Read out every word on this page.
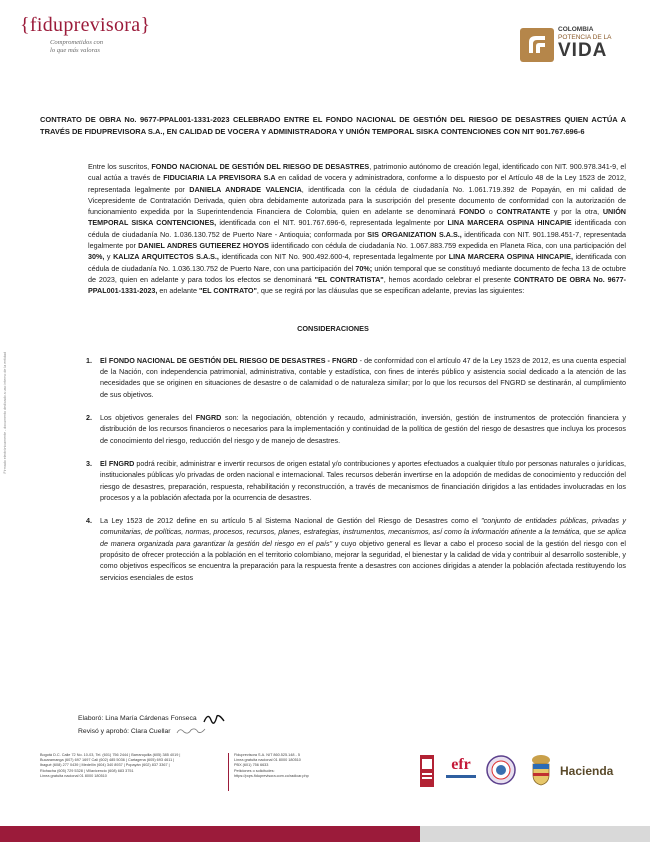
{fiduprevisora}
Comprometidos con
lo que más valoras
COLOMBIA
POTENCIA DE LA
VIDA
Firmado electrónicamente - documento dedicado a uso interno de la entidad
CONTRATO DE OBRA No. 9677-PPAL001-1331-2023 CELEBRADO ENTRE EL FONDO NACIONAL DE GESTIÓN DEL RIESGO DE DESASTRES QUIEN ACTÚA A TRAVÉS DE FIDUPREVISORA S.A., EN CALIDAD DE VOCERA Y ADMINISTRADORA Y UNIÓN TEMPORAL SISKA CONTENCIONES CON NIT 901.767.696-6
Entre los suscritos, FONDO NACIONAL DE GESTIÓN DEL RIESGO DE DESASTRES, patrimonio autónomo de creación legal, identificado con NIT. 900.978.341-9, el cual actúa a través de FIDUCIARIA LA PREVISORA S.A en calidad de vocera y administradora, conforme a lo dispuesto por el Artículo 48 de la Ley 1523 de 2012, representada legalmente por DANIELA ANDRADE VALENCIA, identificada con la cédula de ciudadanía No. 1.061.719.392 de Popayán, en mi calidad de Vicepresidente de Contratación Derivada, quien obra debidamente autorizada para la suscripción del presente documento de conformidad con la autorización de funcionamiento expedida por la Superintendencia Financiera de Colombia, quien en adelante se denominará FONDO o CONTRATANTE y por la otra, UNIÓN TEMPORAL SISKA CONTENCIONES, identificada con el NIT. 901.767.696-6, representada legalmente por LINA MARCERA OSPINA HINCAPIE identificada con cédula de ciudadanía No. 1.036.130.752 de Puerto Nare - Antioquia; conformada por SIS ORGANIZATION S.A.S., identificada con NIT. 901.198.451-7, representada legalmente por DANIEL ANDRES GUTIEEREZ HOYOS iidentificado con cédula de ciudadanía No. 1.067.883.759 expedida en Planeta Rica, con una participación del 30%, y KALIZA ARQUITECTOS S.A.S., identificada con NIT No. 900.492.600-4, representada legalmente por LINA MARCERA OSPINA HINCAPIE, identificada con cédula de ciudadanía No. 1.036.130.752 de Puerto Nare, con una participación del 70%; unión temporal que se constituyó mediante documento de fecha 13 de octubre de 2023, quien en adelante y para todos los efectos se denominará "EL CONTRATISTA", hemos acordado celebrar el presente CONTRATO DE OBRA No. 9677-PPAL001-1331-2023, en adelante "EL CONTRATO", que se regirá por las cláusulas que se especifican adelante, previas las siguientes:
CONSIDERACIONES
1. El FONDO NACIONAL DE GESTIÓN DEL RIESGO DE DESASTRES - FNGRD - de conformidad con el artículo 47 de la Ley 1523 de 2012, es una cuenta especial de la Nación, con independencia patrimonial, administrativa, contable y estadística, con fines de interés público y asistencia social dedicado a la atención de las necesidades que se originen en situaciones de desastre o de calamidad o de naturaleza similar; por lo que los recursos del FNGRD se destinarán, al cumplimiento de sus objetivos.
2. Los objetivos generales del FNGRD son: la negociación, obtención y recaudo, administración, inversión, gestión de instrumentos de protección financiera y distribución de los recursos financieros o necesarios para la implementación y continuidad de la política de gestión del riesgo de desastres que incluya los procesos de conocimiento del riesgo, reducción del riesgo y de manejo de desastres.
3. El FNGRD podrá recibir, administrar e invertir recursos de origen estatal y/o contribuciones y aportes efectuados a cualquier título por personas naturales o jurídicas, institucionales públicas y/o privadas de orden nacional e internacional. Tales recursos deberán invertirse en la adopción de medidas de conocimiento y reducción del riesgo de desastres, preparación, respuesta, rehabilitación y reconstrucción, a través de mecanismos de financiación dirigidos a las entidades involucradas en los procesos y a la población afectada por la ocurrencia de desastres.
4. La Ley 1523 de 2012 define en su artículo 5 al Sistema Nacional de Gestión del Riesgo de Desastres como el "conjunto de entidades públicas, privadas y comunitarias, de políticas, normas, procesos, recursos, planes, estrategias, instrumentos, mecanismos, así como la información atinente a la temática, que se aplica de manera organizada para garantizar la gestión del riesgo en el país" y cuyo objetivo general es llevar a cabo el proceso social de la gestión del riesgo con el propósito de ofrecer protección a la población en el territorio colombiano, mejorar la seguridad, el bienestar y la calidad de vida y contribuir al desarrollo sostenible, y como objetivos específicos se encuentra la preparación para la respuesta frente a desastres con acciones dirigidas a atender la población afectada restituyendo los servicios esenciales de estos
Elaboró: Lina María Cárdenas Fonseca
Revisó y aprobó: Clara Cuellar
Bogotá D.C. Calle 72 No. 10-03, Tel. (601) 756 2444 | Barranquilla (605) 385 4019 |
Bucaramanga (607) 697 1697 Cali (602) 485 5036 | Cartagena (605) 693 4611 |
Ibagué (608) 277 0439 | Medellín (604) 340 8937 | Popayán (602) 837 3367 |
Riohacha (605) 729 5328 | Villavicencio (608) 683 3751
Línea gratuita nacional 01 8000 180510
Fiduprevisora S.A. NIT 860.525.148 - 5
Línea gratuita nacional 01 8000 180510
PBX (601) 756 6633
Peticiones o solicitudes:
https://pqrs.fiduprevisora.com.co/radicar.php
efr	Hacienda
